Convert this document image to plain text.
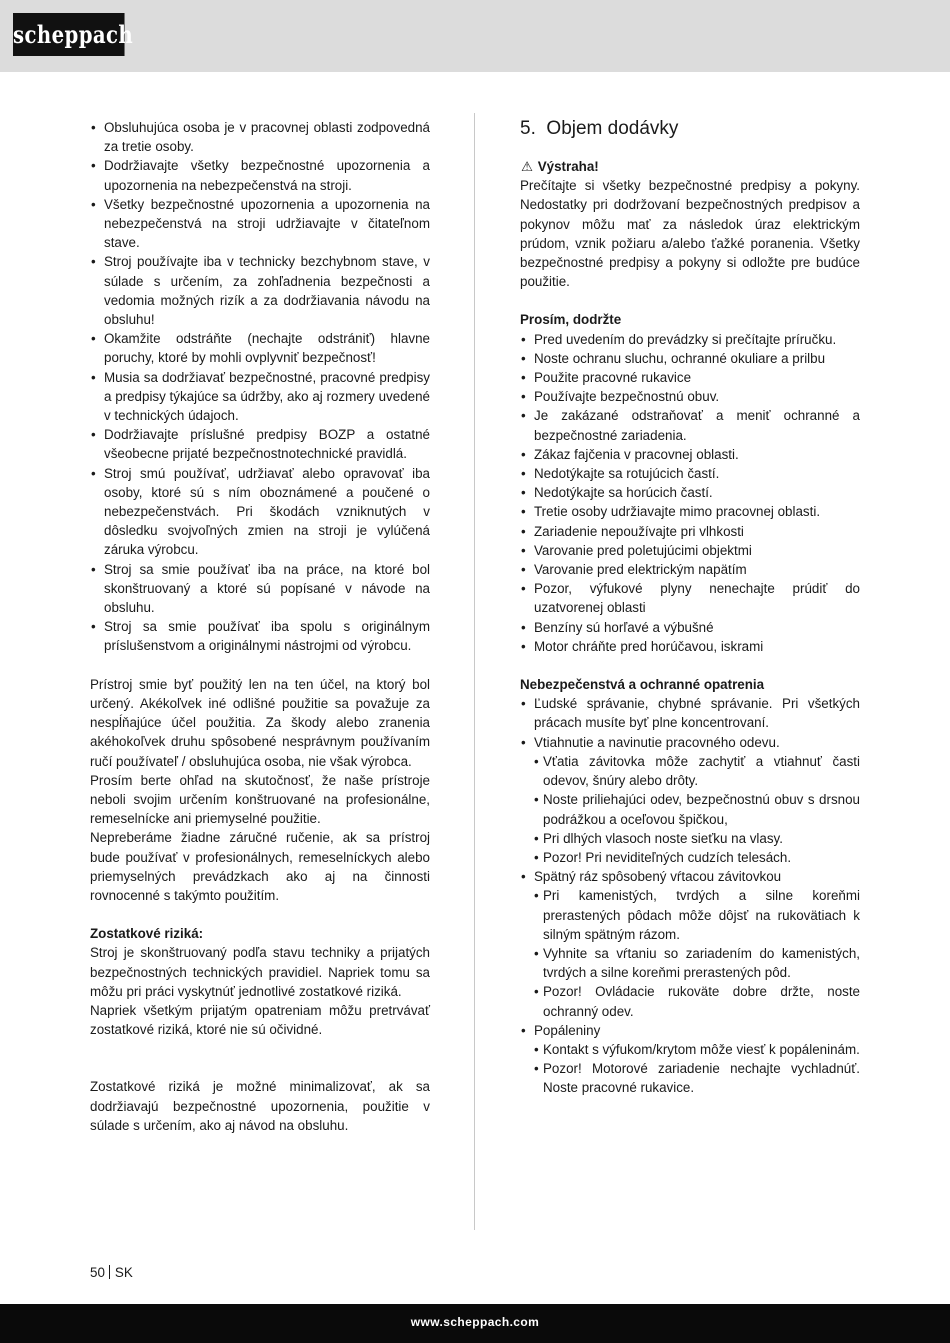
scheppach
• Obsluhujúca osoba je v pracovnej oblasti zodpovedná za tretie osoby.
• Dodržiavajte všetky bezpečnostné upozornenia a upozornenia na nebezpečenstvá na stroji.
• Všetky bezpečnostné upozornenia a upozornenia na nebezpečenstvá na stroji udržiavajte v čitateľnom stave.
• Stroj používajte iba v technicky bezchybnom stave, v súlade s určením, za zohľadnenia bezpečnosti a vedomia možných rizík a za dodržiavania návodu na obsluhu!
• Okamžite odstráňte (nechajte odstrániť) hlavne poruchy, ktoré by mohli ovplyvniť bezpečnosť!
• Musia sa dodržiavať bezpečnostné, pracovné predpisy a predpisy týkajúce sa údržby, ako aj rozmery uvedené v technických údajoch.
• Dodržiavajte príslušné predpisy BOZP a ostatné všeobecne prijaté bezpečnostnotechnické pravidlá.
• Stroj smú používať, udržiavať alebo opravovať iba osoby, ktoré sú s ním oboznámené a poučené o nebezpečenstvách. Pri škodách vzniknutých v dôsledku svojvoľných zmien na stroji je vylúčená záruka výrobcu.
• Stroj sa smie používať iba na práce, na ktoré bol skonštruovaný a ktoré sú popísané v návode na obsluhu.
• Stroj sa smie používať iba spolu s originálnym príslušenstvom a originálnymi nástrojmi od výrobcu.

Prístroj smie byť použitý len na ten účel, na ktorý bol určený. Akékoľvek iné odlišné použitie sa považuje za nespĺňajúce účel použitia. Za škody alebo zranenia akéhokoľvek druhu spôsobené nesprávnym používaním ručí používateľ / obsluhujúca osoba, nie však výrobca.

Prosím berte ohľad na skutočnosť, že naše prístroje neboli svojim určením konštruované na profesionálne, remeselnícke ani priemyselné použitie.

Nepreberáme žiadne záručné ručenie, ak sa prístroj bude používať v profesionálnych, remeselníckych alebo priemyselných prevádzkach ako aj na činnosti rovnocenné s takýmto použitím.

Zostatkové riziká:

Stroj je skonštruovaný podľa stavu techniky a prijatých bezpečnostných technických pravidiel. Napriek tomu sa môžu pri práci vyskytnúť jednotlivé zostatkové riziká.

Napriek všetkým prijatým opatreniam môžu pretrvávať zostatkové riziká, ktoré nie sú očividné.

Zostatkové riziká je možné minimalizovať, ak sa dodržiavajú bezpečnostné upozornenia, použitie v súlade s určením, ako aj návod na obsluhu.

5. Objem dodávky

⚠ Výstraha!

Prečítajte si všetky bezpečnostné predpisy a pokyny. Nedostatky pri dodržovaní bezpečnostných predpisov a pokynov môžu mať za následok úraz elektrickým prúdom, vznik požiaru a/alebo ťažké poranenia. Všetky bezpečnostné predpisy a pokyny si odložte pre budúce použitie.

Prosím, dodržte

• Pred uvedením do prevádzky si prečítajte príručku.
• Noste ochranu sluchu, ochranné okuliare a prilbu
• Použite pracovné rukavice
• Používajte bezpečnostnú obuv.
• Je zakázané odstraňovať a meniť ochranné a bezpečnostné zariadenia.
• Zákaz fajčenia v pracovnej oblasti.
• Nedotýkajte sa rotujúcich častí.
• Nedotýkajte sa horúcich častí.
• Tretie osoby udržiavajte mimo pracovnej oblasti.
• Zariadenie nepoužívajte pri vlhkosti
• Varovanie pred poletujúcimi objektmi
• Varovanie pred elektrickým napätím
• Pozor, výfukové plyny nenechajte prúdiť do uzatvorenej oblasti
• Benzíny sú horľavé a výbušné
• Motor chráňte pred horúčavou, iskrami

Nebezpečenstvá a ochranné opatrenia

• Ľudské správanie, chybné správanie. Pri všetkých prácach musíte byť plne koncentrovaní.
• Vtiahnutie a navinutie pracovného odevu.
• Vťatia závitovka môže zachytiť a vtiahnuť časti odevov, šnúry alebo drôty.
• Noste priliehajúci odev, bezpečnostnú obuv s drsnou podrážkou a oceľovou špičkou,
• Pri dlhých vlasoch noste sieťku na vlasy.
• Pozor! Pri neviditeľných cudzích telesách.
• Spätný ráz spôsobený vŕtacou závitovkou
• Pri kamenistých, tvrdých a silne koreňmi prerastených pôdach môže dôjsť na rukovätiach k silným spätným rázom.
• Vyhnite sa vŕtaniu so zariadením do kamenistých, tvrdých a silne koreňmi prerastených pôd.
• Pozor! Ovládacie rukoväte dobre držte, noste ochranný odev.
• Popáleniny
• Kontakt s výfukom/krytom môže viesť k popáleninám.
• Pozor! Motorové zariadenie nechajte vychladnúť. Noste pracovné rukavice.
50 SK
www.scheppach.com
